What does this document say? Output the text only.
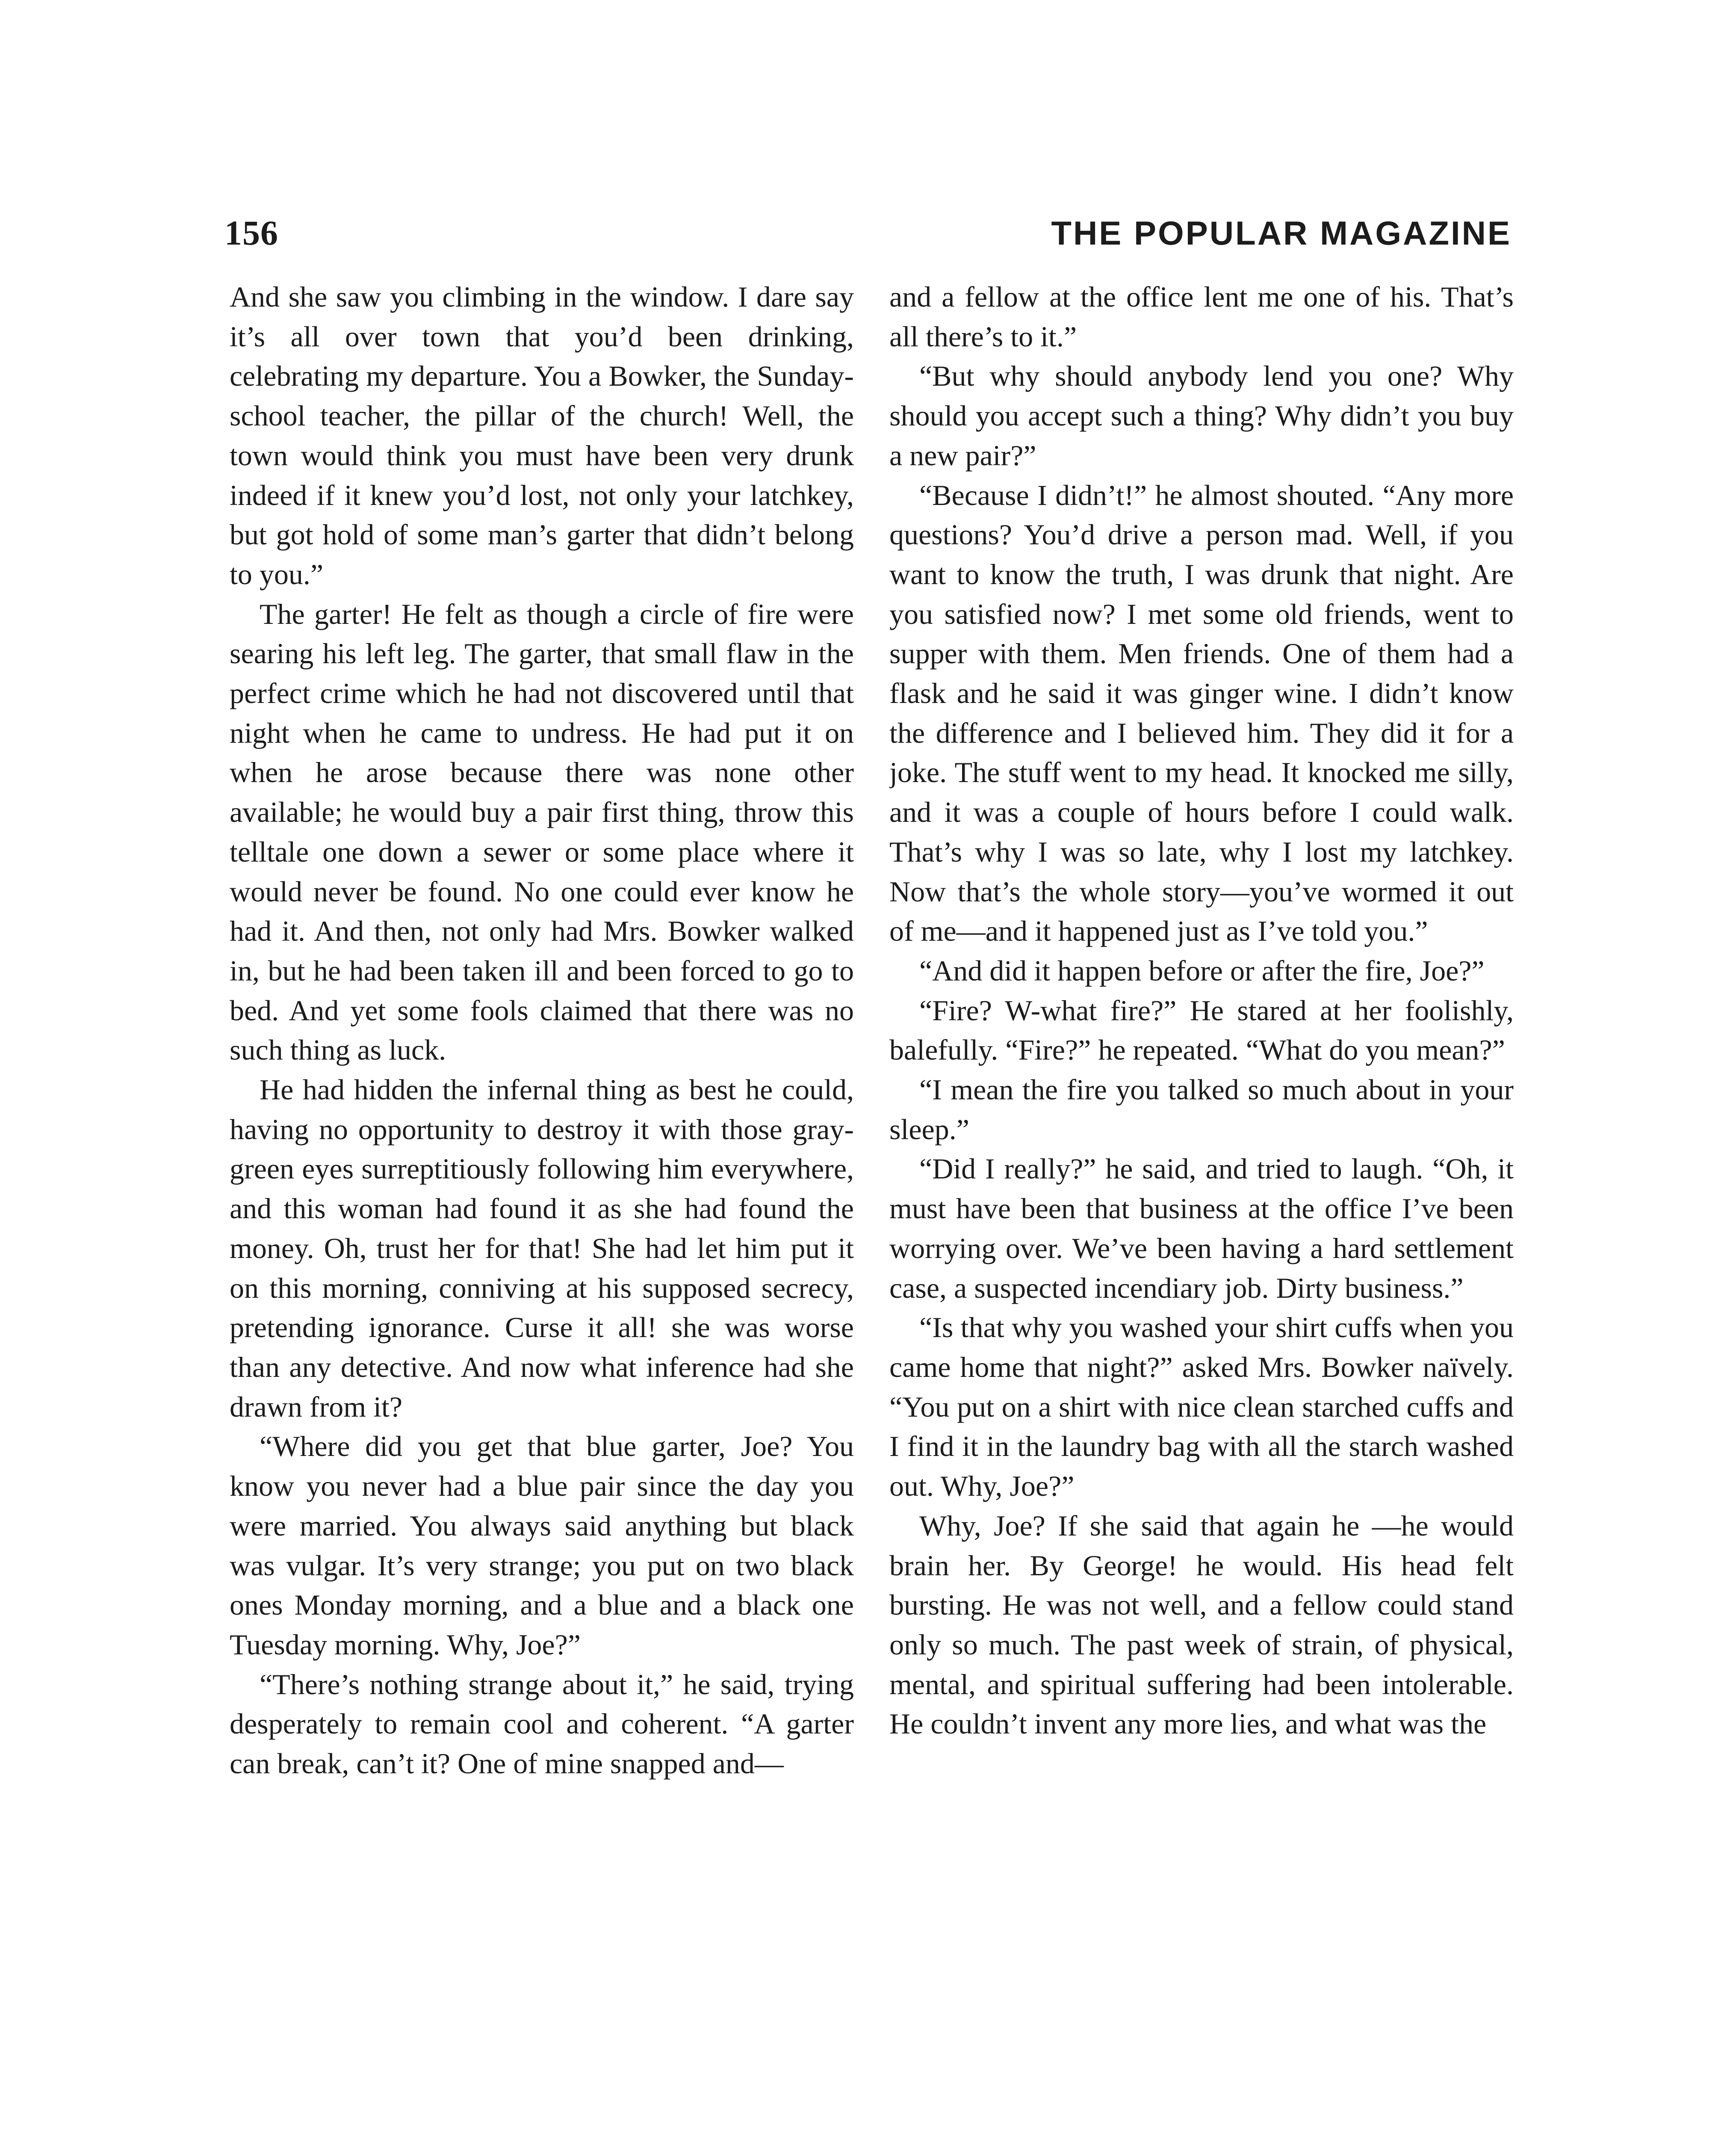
156	THE POPULAR MAGAZINE

And she saw you climbing in the window. I dare say it’s all over town that you’d been drinking, celebrating my departure. You a Bowker, the Sunday-school teacher, the pillar of the church! Well, the town would think you must have been very drunk indeed if it knew you’d lost, not only your latchkey, but got hold of some man’s garter that didn’t belong to you.”

The garter! He felt as though a circle of fire were searing his left leg. The garter, that small flaw in the perfect crime which he had not discovered until that night when he came to undress. He had put it on when he arose because there was none other available; he would buy a pair first thing, throw this telltale one down a sewer or some place where it would never be found. No one could ever know he had it. And then, not only had Mrs. Bowker walked in, but he had been taken ill and been forced to go to bed. And yet some fools claimed that there was no such thing as luck.

He had hidden the infernal thing as best he could, having no opportunity to destroy it with those gray-green eyes surreptitiously following him everywhere, and this woman had found it as she had found the money. Oh, trust her for that! She had let him put it on this morning, conniving at his supposed secrecy, pretending ignorance. Curse it all! she was worse than any detective. And now what inference had she drawn from it?

“Where did you get that blue garter, Joe? You know you never had a blue pair since the day you were married. You always said anything but black was vulgar. It’s very strange; you put on two black ones Monday morning, and a blue and a black one Tuesday morning. Why, Joe?”

“There’s nothing strange about it,” he said, trying desperately to remain cool and coherent. “A garter can break, can’t it? One of mine snapped and—

and a fellow at the office lent me one of his. That’s all there’s to it.”

“But why should anybody lend you one? Why should you accept such a thing? Why didn’t you buy a new pair?”

“Because I didn’t!” he almost shouted. “Any more questions? You’d drive a person mad. Well, if you want to know the truth, I was drunk that night. Are you satisfied now? I met some old friends, went to supper with them. Men friends. One of them had a flask and he said it was ginger wine. I didn’t know the difference and I believed him. They did it for a joke. The stuff went to my head. It knocked me silly, and it was a couple of hours before I could walk. That’s why I was so late, why I lost my latchkey. Now that’s the whole story—you’ve wormed it out of me—and it happened just as I’ve told you.”

“And did it happen before or after the fire, Joe?”

“Fire? W-what fire?” He stared at her foolishly, balefully. “Fire?” he repeated. “What do you mean?”

“I mean the fire you talked so much about in your sleep.”

“Did I really?” he said, and tried to laugh. “Oh, it must have been that business at the office I’ve been worrying over. We’ve been having a hard settlement case, a suspected incendiary job. Dirty business.”

“Is that why you washed your shirt cuffs when you came home that night?” asked Mrs. Bowker naïvely. “You put on a shirt with nice clean starched cuffs and I find it in the laundry bag with all the starch washed out. Why, Joe?”

Why, Joe? If she said that again he —he would brain her. By George! he would. His head felt bursting. He was not well, and a fellow could stand only so much. The past week of strain, of physical, mental, and spiritual suffering had been intolerable. He couldn’t invent any more lies, and what was the
